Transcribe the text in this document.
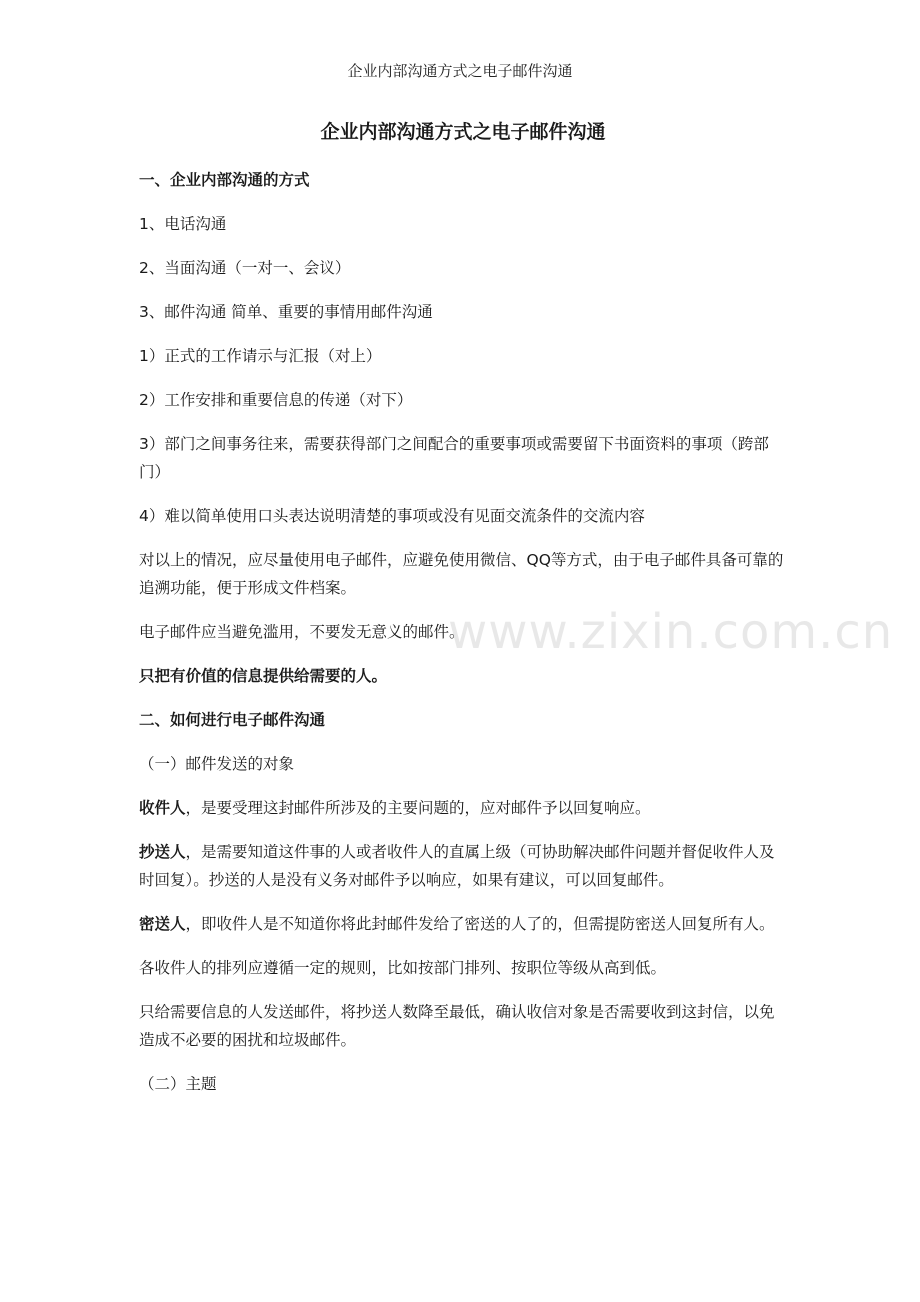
企业内部沟通方式之电子邮件沟通
企业内部沟通方式之电子邮件沟通

一、企业内部沟通的方式

1、电话沟通

2、当面沟通（一对一、会议）

3、邮件沟通 简单、重要的事情用邮件沟通

1）正式的工作请示与汇报（对上）

2）工作安排和重要信息的传递（对下）

3）部门之间事务往来，需要获得部门之间配合的重要事项或需要留下书面资料的事项（跨部门）

4）难以简单使用口头表达说明清楚的事项或没有见面交流条件的交流内容

对以上的情况，应尽量使用电子邮件，应避免使用微信、QQ等方式，由于电子邮件具备可靠的追溯功能，便于形成文件档案。

电子邮件应当避免滥用，不要发无意义的邮件。

只把有价值的信息提供给需要的人。

二、如何进行电子邮件沟通

（一）邮件发送的对象

收件人，是要受理这封邮件所涉及的主要问题的，应对邮件予以回复响应。

抄送人，是需要知道这件事的人或者收件人的直属上级（可协助解决邮件问题并督促收件人及时回复）。抄送的人是没有义务对邮件予以响应，如果有建议，可以回复邮件。

密送人，即收件人是不知道你将此封邮件发给了密送的人了的，但需提防密送人回复所有人。

各收件人的排列应遵循一定的规则，比如按部门排列、按职位等级从高到低。

只给需要信息的人发送邮件，将抄送人数降至最低，确认收信对象是否需要收到这封信，以免造成不必要的困扰和垃圾邮件。

（二）主题

www.zixin.com.cn
